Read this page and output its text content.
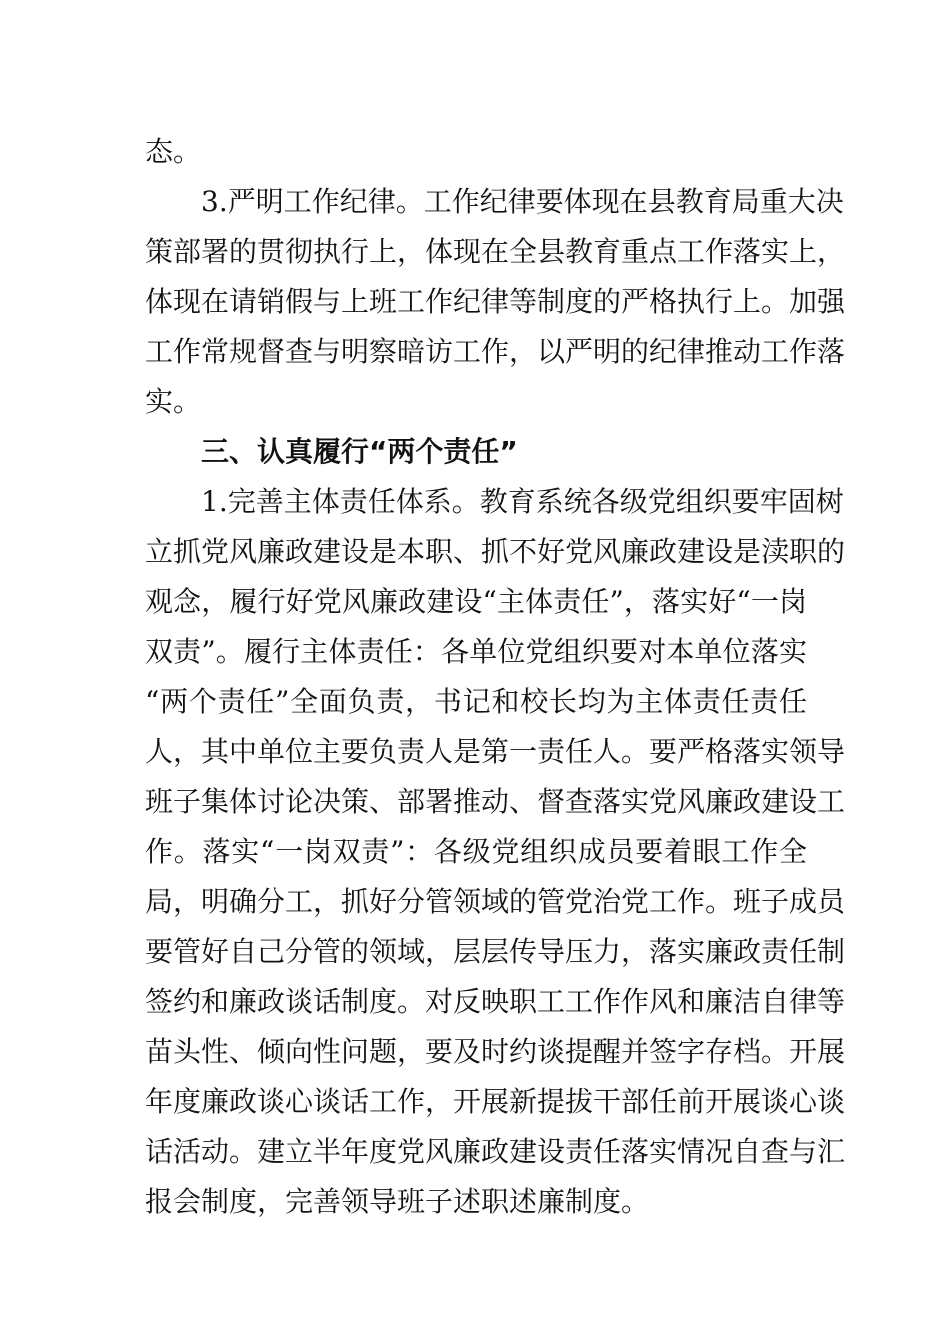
态。
3.严明工作纪律。工作纪律要体现在县教育局重大决
策部署的贯彻执行上，体现在全县教育重点工作落实上，
体现在请销假与上班工作纪律等制度的严格执行上。加强
工作常规督查与明察暗访工作，以严明的纪律推动工作落
实。
三、认真履行“两个责任”
1.完善主体责任体系。教育系统各级党组织要牢固树
立抓党风廉政建设是本职、抓不好党风廉政建设是渎职的
观念，履行好党风廉政建设“主体责任”，落实好“一岗
双责”。履行主体责任：各单位党组织要对本单位落实
“两个责任”全面负责，书记和校长均为主体责任责任
人，其中单位主要负责人是第一责任人。要严格落实领导
班子集体讨论决策、部署推动、督查落实党风廉政建设工
作。落实“一岗双责”：各级党组织成员要着眼工作全
局，明确分工，抓好分管领域的管党治党工作。班子成员
要管好自己分管的领域，层层传导压力，落实廉政责任制
签约和廉政谈话制度。对反映职工工作作风和廉洁自律等
苗头性、倾向性问题，要及时约谈提醒并签字存档。开展
年度廉政谈心谈话工作，开展新提拔干部任前开展谈心谈
话活动。建立半年度党风廉政建设责任落实情况自查与汇
报会制度，完善领导班子述职述廉制度。
